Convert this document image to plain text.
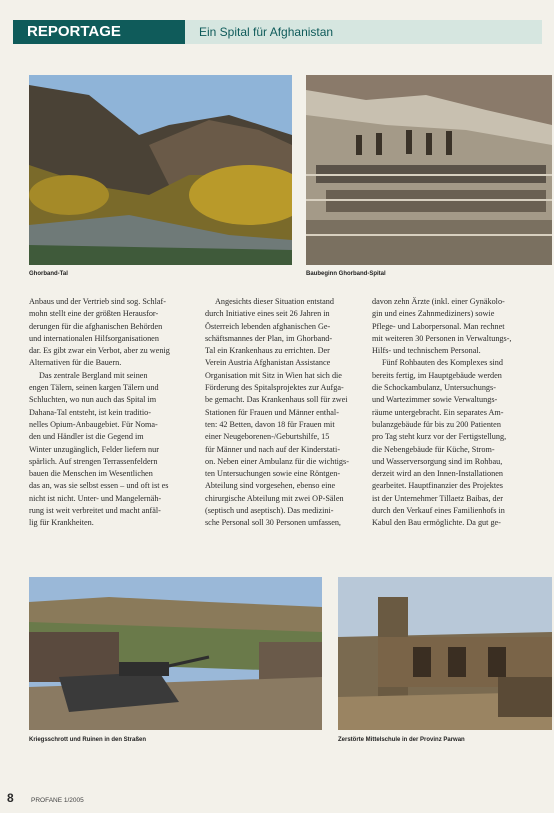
REPORTAGE	Ein Spital für Afghanistan
Ghorband-Tal	Baubeginn Ghorband-Spital
Anbaus und der Vertrieb sind sog. Schlaf-
mohn stellt eine der größten Herausfor-
derungen für die afghanischen Behörden
und internationalen Hilfsorganisationen
dar. Es gibt zwar ein Verbot, aber zu wenig
Alternativen für die Bauern.
Das zentrale Bergland mit seinen
engen Tälern, seinen kargen Tälern und
Schluchten, wo nun auch das Spital im
Dahana-Tal entsteht, ist kein traditio-
nelles Opium-Anbaugebiet. Für Noma-
den und Händler ist die Gegend im
Winter unzugänglich, Felder liefern nur
spärlich. Auf strengen Terrassenfeldern
bauen die Menschen im Wesentlichen
das an, was sie selbst essen – und oft ist es
nicht ist nicht. Unter- und Mangelernäh-
rung ist weit verbreitet und macht anfäl-
lig für Krankheiten.
Angesichts dieser Situation entstand
durch Initiative eines seit 26 Jahren in
Österreich lebenden afghanischen Ge-
schäftsmannes der Plan, im Ghorband-
Tal ein Krankenhaus zu errichten. Der
Verein Austria Afghanistan Assistance
Organisation mit Sitz in Wien hat sich die
Förderung des Spitalsprojektes zur Aufga-
be gemacht. Das Krankenhaus soll für zwei
Stationen für Frauen und Männer enthal-
ten: 42 Betten, davon 18 für Frauen mit
einer Neugeborenen-/Geburtshilfe, 15
für Männer und nach auf der Kinderstati-
on. Neben einer Ambulanz für die wichtigs-
ten Untersuchungen sowie eine Röntgen-
Abteilung sind vorgesehen, ebenso eine
chirurgische Abteilung mit zwei OP-Sälen
(septisch und aseptisch). Das medizini-
sche Personal soll 30 Personen umfassen,
davon zehn Ärzte (inkl. einer Gynäkolo-
gin und eines Zahnmediziners) sowie
Pflege- und Laborpersonal. Man rechnet
mit weiteren 30 Personen in Verwaltungs-,
Hilfs- und technischem Personal.
Fünf Rohbauten des Komplexes sind
bereits fertig, im Hauptgebäude werden
die Schockambulanz, Untersuchungs-
und Wartezimmer sowie Verwaltungs-
räume untergebracht. Ein separates Am-
bulanzgebäude für bis zu 200 Patienten
pro Tag steht kurz vor der Fertigstellung,
die Nebengebäude für Küche, Strom-
und Wasserversorgung sind im Rohbau,
derzeit wird an den Innen-Installationen
gearbeitet. Hauptfinanzier des Projektes
ist der Unternehmer Tillaetz Baibas, der
durch den Verkauf eines Familienhofs in
Kabul den Bau ermöglichte. Da gut ge-
Kriegsschrott und Ruinen in den Straßen	Zerstörte Mittelschule in der Provinz Parwan
8	PROFANE 1/2005
